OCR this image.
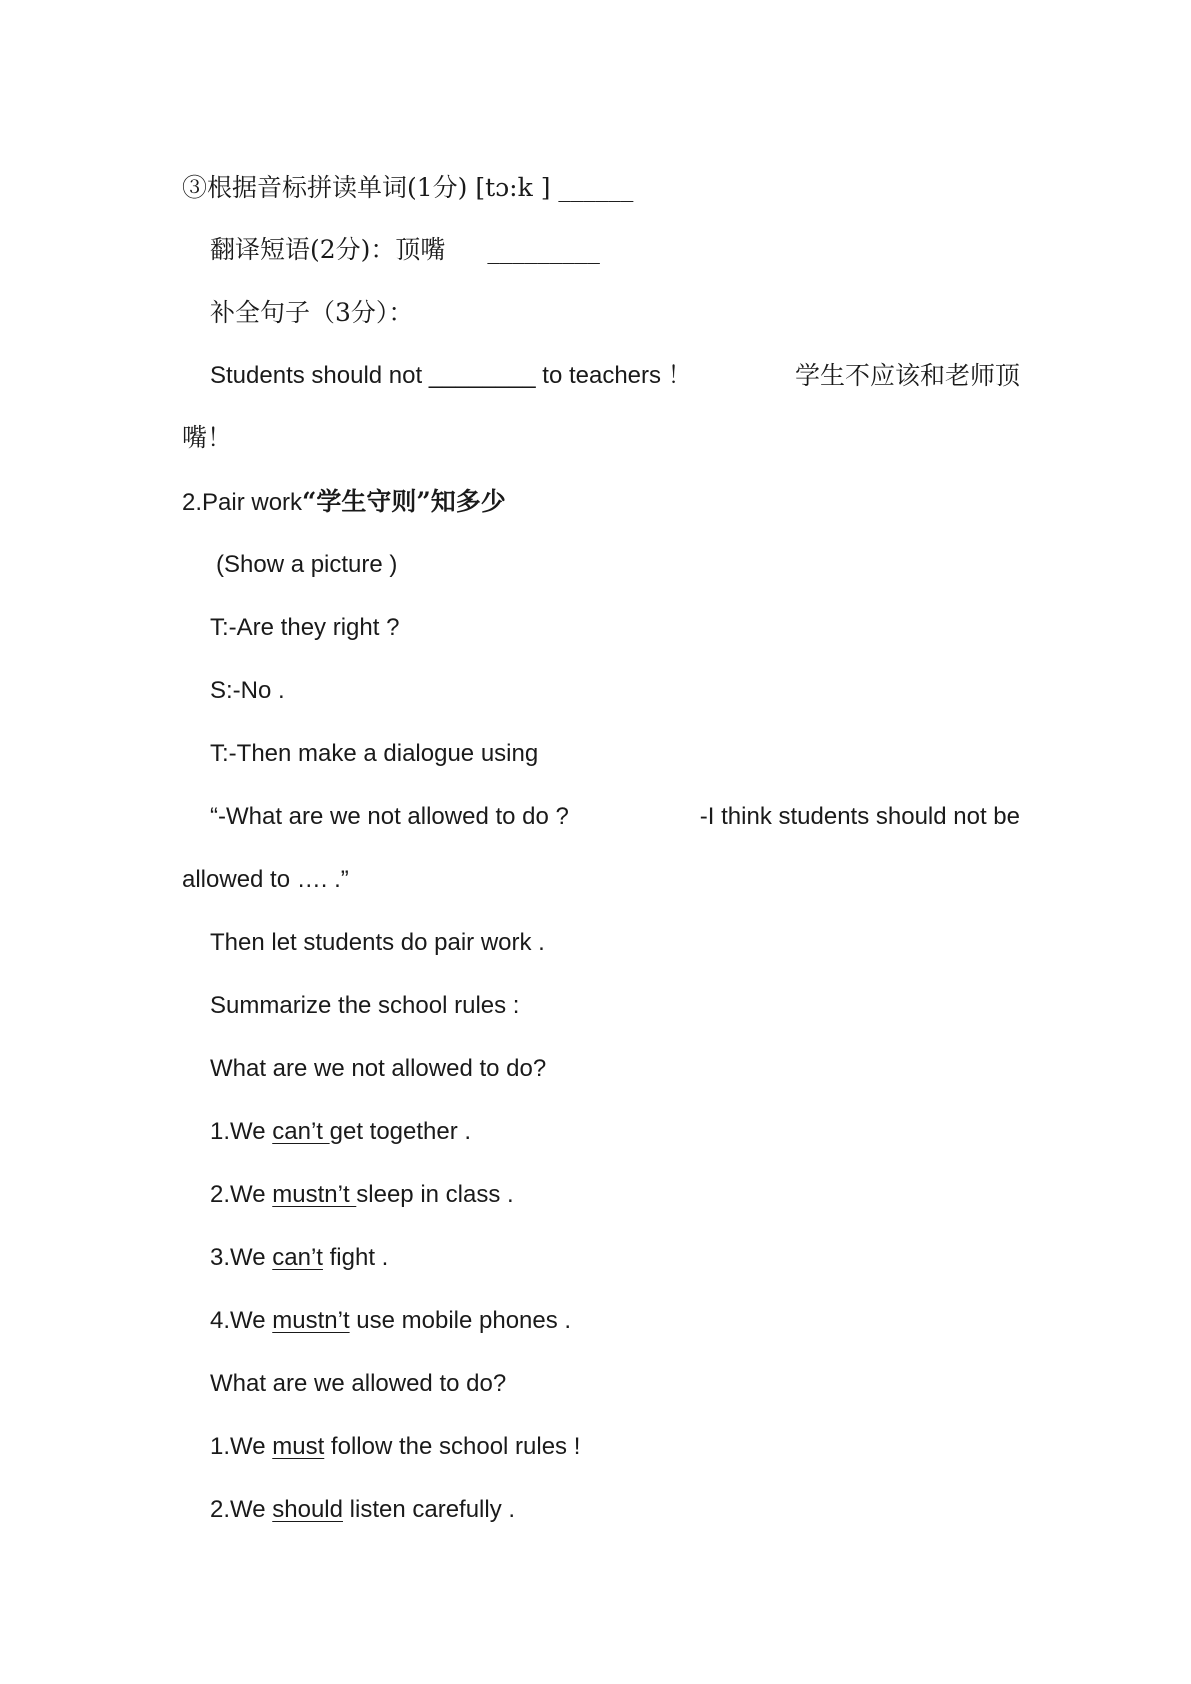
③根据音标拼读单词(1分) [tɔ:k ] ______
翻译短语(2分)：顶嘴 _________
补全句子（3分）：
Students should not ________ to teachers ！	学生不应该和老师顶
嘴！
2.Pair work“学生守则”知多少
(Show a picture )
T:-Are they right ?
S:-No .
T:-Then make a dialogue using
“-What are we not allowed to do ?	-I think students should not be
allowed to …. .”
Then let students do pair work .
Summarize the school rules :
What are we not allowed to do?
1.We can’t get together .
2.We mustn’t sleep in class .
3.We can’t fight .
4.We mustn’t use mobile phones .
What are we allowed to do?
1.We must follow the school rules !
2.We should listen carefully .
